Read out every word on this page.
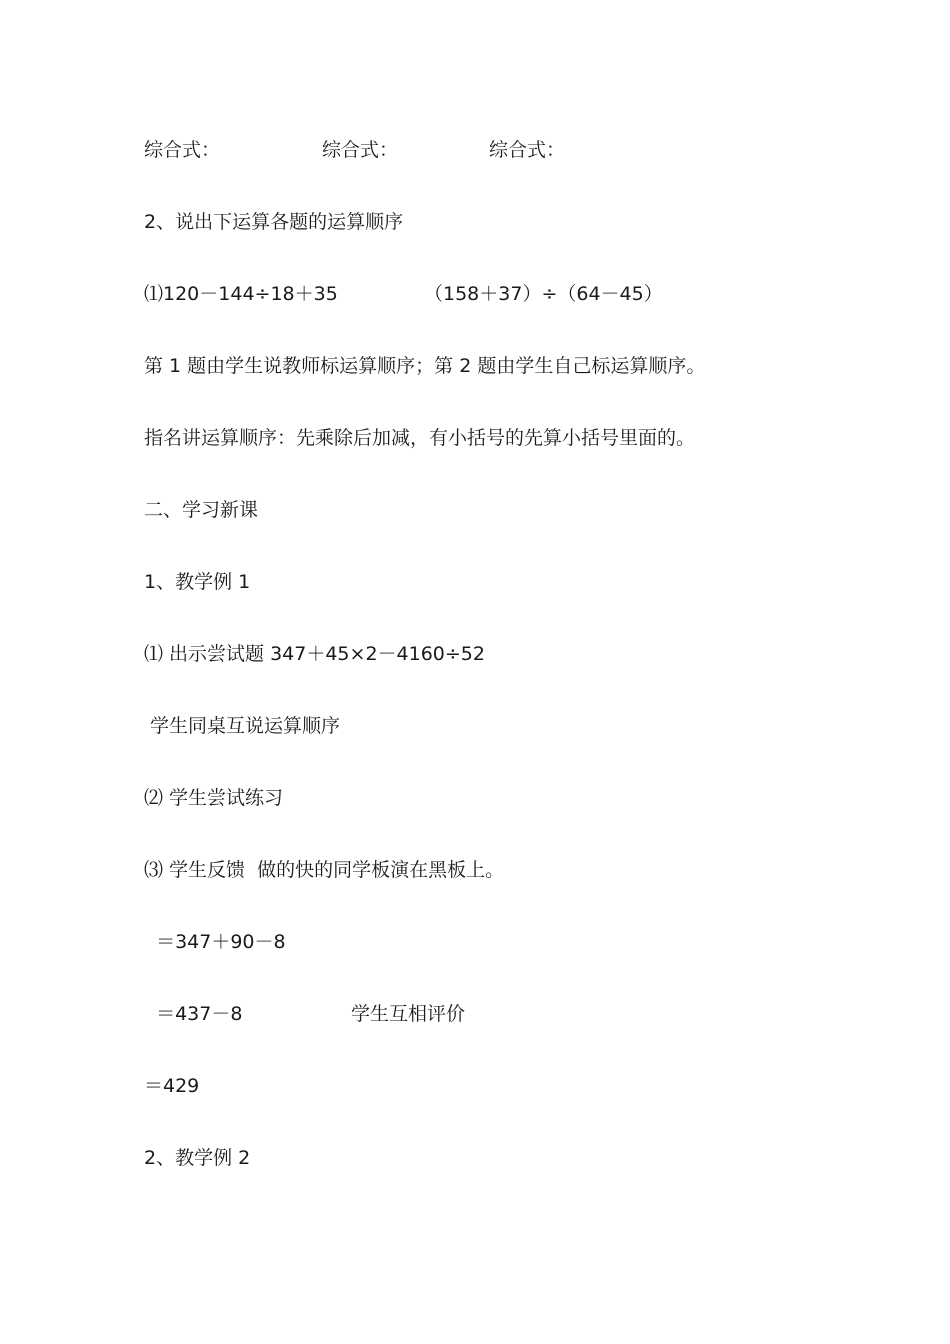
综合式：

	综合式：

	综合式：

2、说出下运算各题的运算顺序

⑴120－144÷18＋35

	（158＋37）÷（64－45）

第 1 题由学生说教师标运算顺序；第 2 题由学生自己标运算顺序。
指名讲运算顺序：先乘除后加减，有小括号的先算小括号里面的。
二、学习新课
1、教学例 1
⑴ 出示尝试题 347＋45×2－4160÷52
学生同桌互说运算顺序
⑵ 学生尝试练习
⑶ 学生反馈  做的快的同学板演在黑板上。
＝347＋90－8

＝437－8

	学生互相评价

＝429
2、教学例 2
